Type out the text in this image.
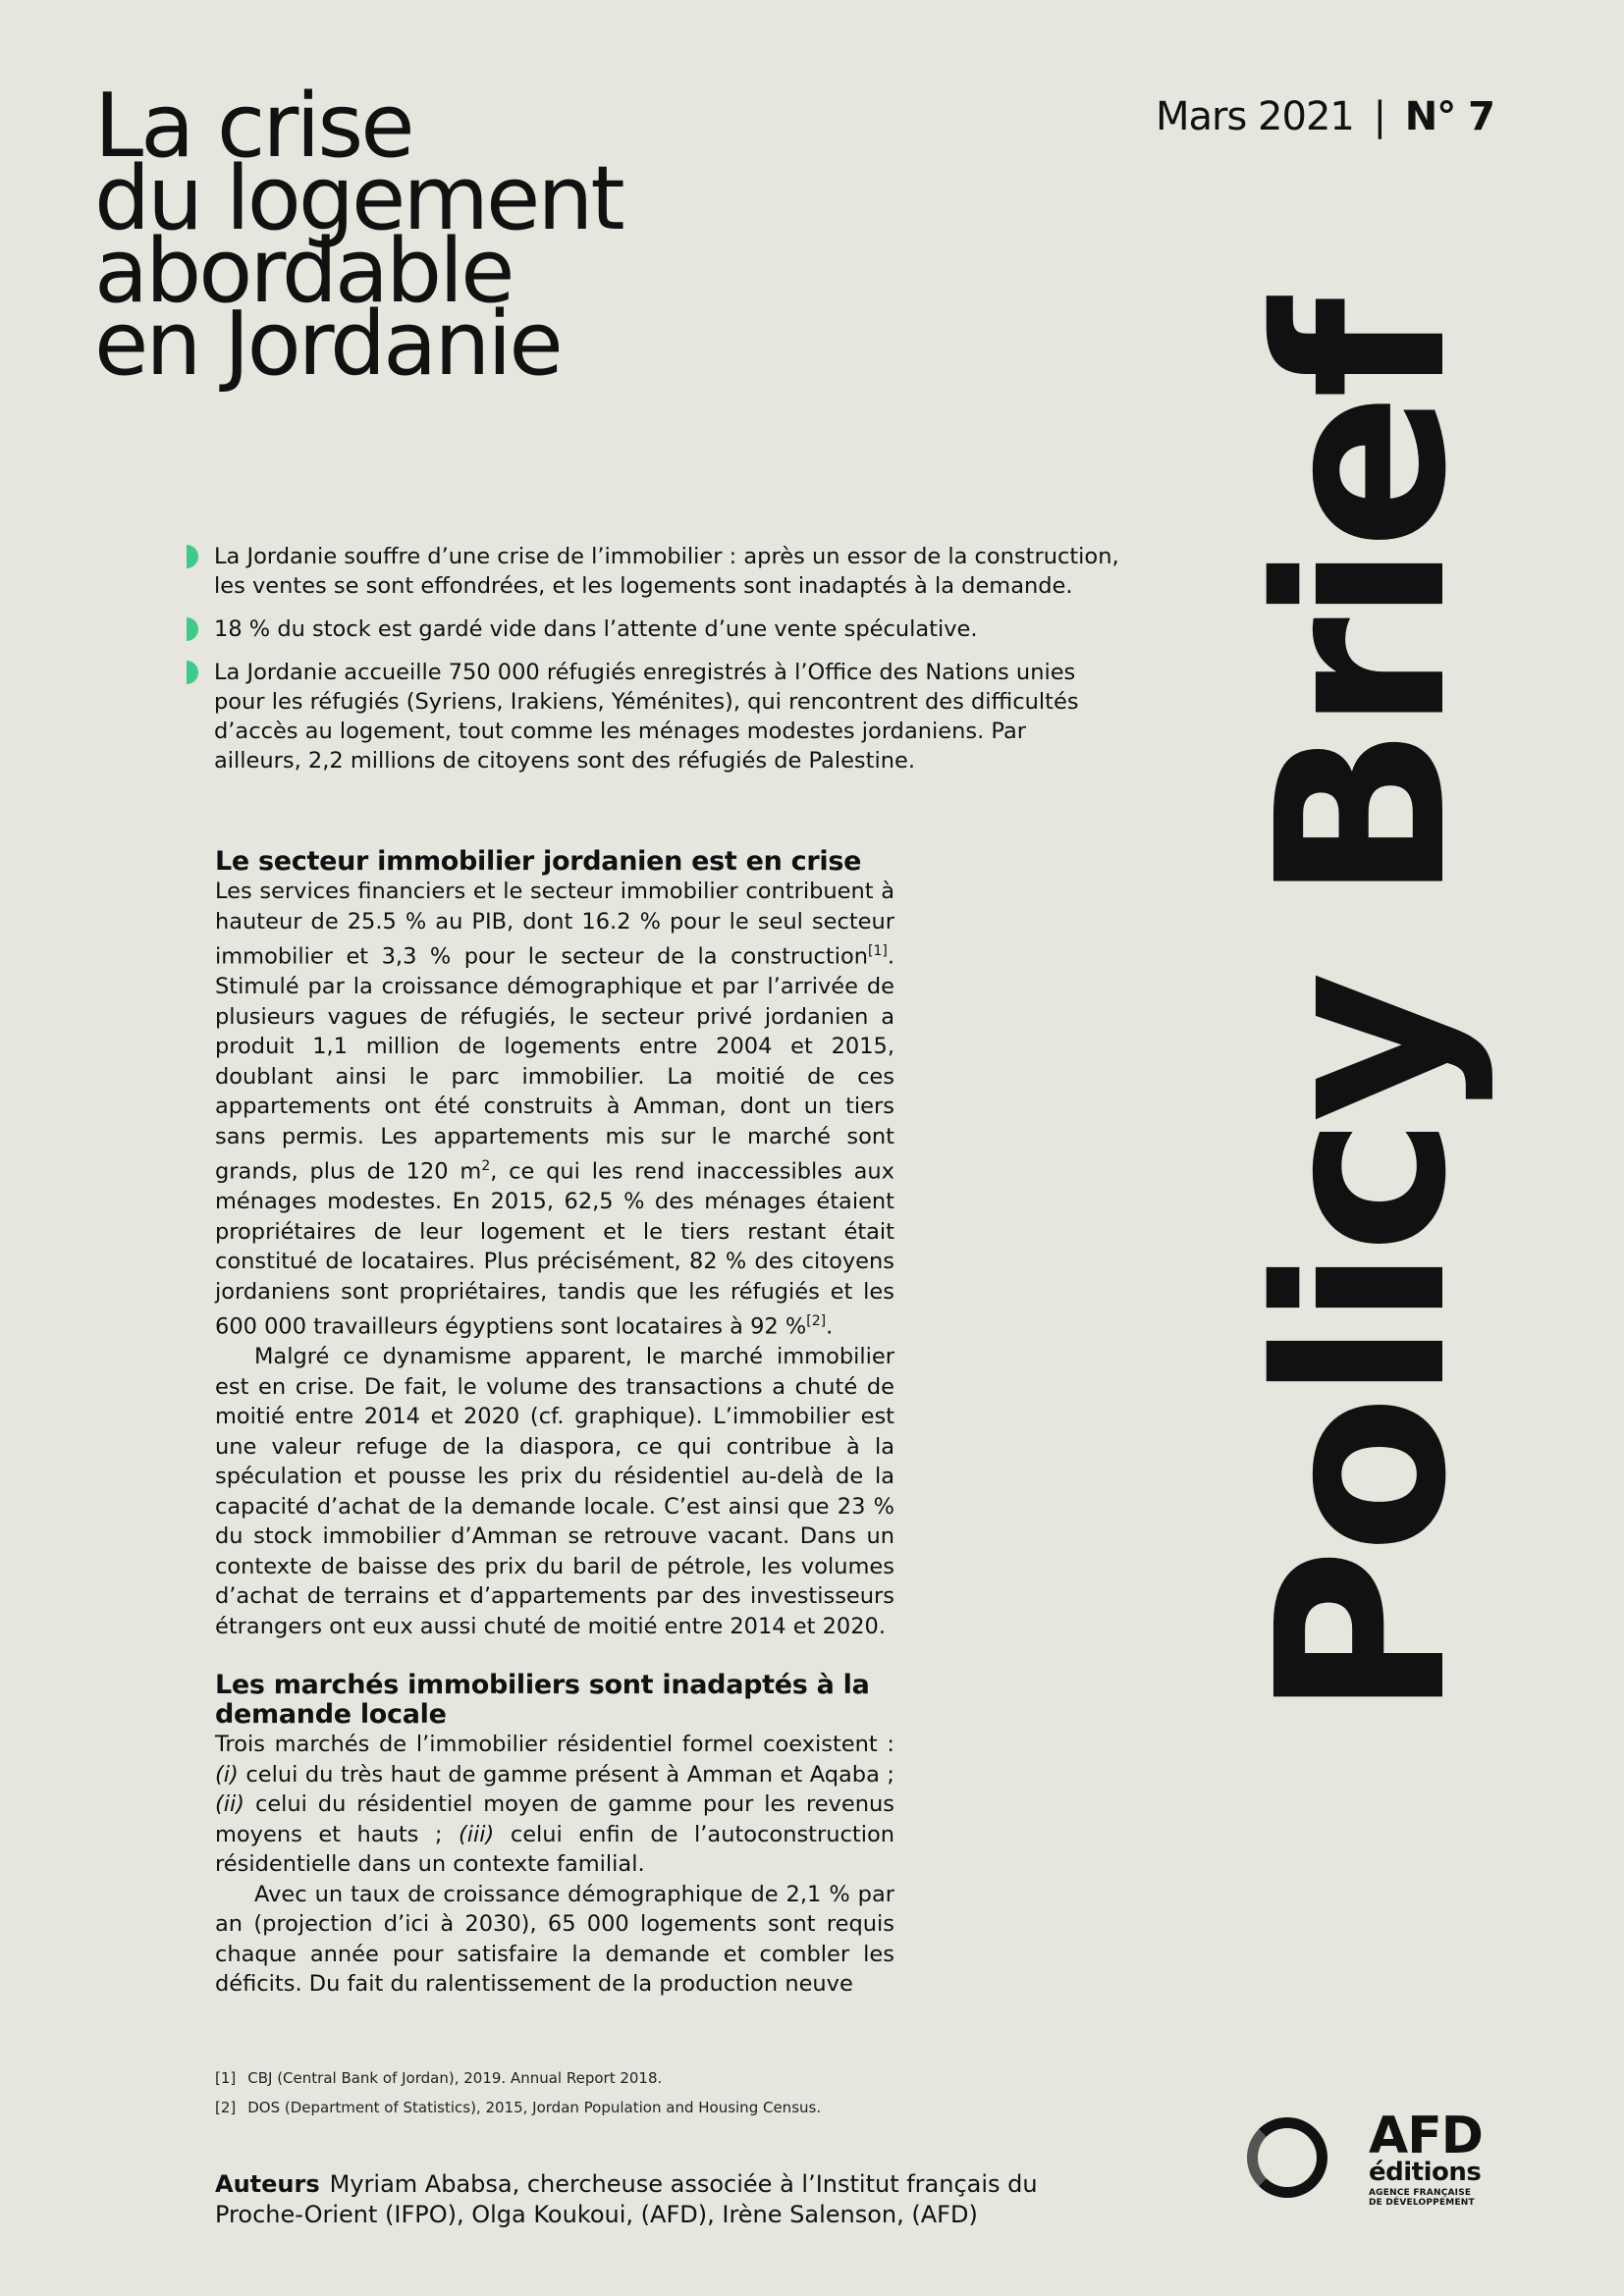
La crise
du logement
abordable
en Jordanie
Mars 2021 | N° 7
La Jordanie souffre d’une crise de l’immobilier : après un essor de la construction, les ventes se sont effondrées, et les logements sont inadaptés à la demande.
18 % du stock est gardé vide dans l’attente d’une vente spéculative.
La Jordanie accueille 750 000 réfugiés enregistrés à l’Office des Nations unies pour les réfugiés (Syriens, Irakiens, Yéménites), qui rencontrent des difficultés d’accès au logement, tout comme les ménages modestes jordaniens. Par ailleurs, 2,2 millions de citoyens sont des réfugiés de Palestine.
Le secteur immobilier jordanien est en crise

Les services financiers et le secteur immobilier contribuent à hauteur de 25.5 % au PIB, dont 16.2 % pour le seul secteur immobilier et 3,3 % pour le secteur de la construction[1]. Stimulé par la croissance démographique et par l’arrivée de plusieurs vagues de réfugiés, le secteur privé jordanien a produit 1,1 million de logements entre 2004 et 2015, doublant ainsi le parc immobilier. La moitié de ces appartements ont été construits à Amman, dont un tiers sans permis. Les appartements mis sur le marché sont grands, plus de 120 $m^2$, ce qui les rend inaccessibles aux ménages modestes. En 2015, 62,5 % des ménages étaient propriétaires de leur logement et le tiers restant était constitué de locataires. Plus précisément, 82 % des citoyens jordaniens sont propriétaires, tandis que les réfugiés et les 600 000 travailleurs égyptiens sont locataires à 92 %[2].

Malgré ce dynamisme apparent, le marché immobilier est en crise. De fait, le volume des transactions a chuté de moitié entre 2014 et 2020 (cf. graphique). L’immobilier est une valeur refuge de la diaspora, ce qui contribue à la spéculation et pousse les prix du résidentiel au-delà de la capacité d’achat de la demande locale. C’est ainsi que 23 % du stock immobilier d’Amman se retrouve vacant. Dans un contexte de baisse des prix du baril de pétrole, les volumes d’achat de terrains et d’appartements par des investisseurs étrangers ont eux aussi chuté de moitié entre 2014 et 2020.

Les marchés immobiliers sont inadaptés à la demande locale

Trois marchés de l’immobilier résidentiel formel coexistent : (i) celui du très haut de gamme présent à Amman et Aqaba ; (ii) celui du résidentiel moyen de gamme pour les revenus moyens et hauts ; (iii) celui enfin de l’autoconstruction résidentielle dans un contexte familial.

Avec un taux de croissance démographique de 2,1 % par an (projection d’ici à 2030), 65 000 logements sont requis chaque année pour satisfaire la demande et combler les déficits. Du fait du ralentissement de la production neuve

Policy Brief
[1] CBJ (Central Bank of Jordan), 2019. Annual Report 2018.
[2] DOS (Department of Statistics), 2015, Jordan Population and Housing Census.
Auteurs Myriam Ababsa, chercheuse associée à l’Institut français du Proche-Orient (IFPO), Olga Koukoui, (AFD), Irène Salenson, (AFD)
AFD
éditions
AGENCE FRANÇAISE
DE DÉVELOPPEMENT
